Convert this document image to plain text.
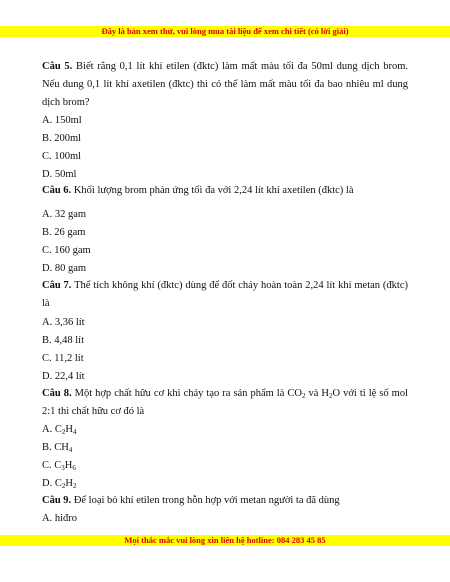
Đây là bản xem thử, vui lòng mua tài liệu để xem chi tiết (có lời giải)
Câu 5. Biết rằng 0,1 lít khí etilen (đktc) làm mất màu tối đa 50ml dung dịch brom.
Nếu dung 0,1 lít khí axetilen (đktc) thì có thể làm mất màu tối đa bao nhiêu ml dung
dịch brom?
A. 150ml
B. 200ml
C. 100ml
D. 50ml
Câu 6. Khối lượng brom phản ứng tối đa với 2,24 lít khí axetilen (đktc) là
A. 32 gam
B. 26 gam
C. 160 gam
D. 80 gam
Câu 7. Thể tích không khí (đktc) dùng để đốt cháy hoàn toàn 2,24 lít khí metan (đktc)
là
A. 3,36 lít
B. 4,48 lít
C. 11,2 lít
D. 22,4 lít
Câu 8. Một hợp chất hữu cơ khi cháy tạo ra sản phẩm là $CO_2$ và $H_2O$ với tỉ lệ số mol
2:1 thì chất hữu cơ đó là
A. $C_2H_4$
B. $CH_4$
C. $C_3H_6$
D. $C_2H_2$
Câu 9. Để loại bỏ khí etilen trong hỗn hợp với metan người ta đã dùng
A. hiđro
Mọi thắc mắc vui lòng xin liên hệ hotline: 084 283 45 85
